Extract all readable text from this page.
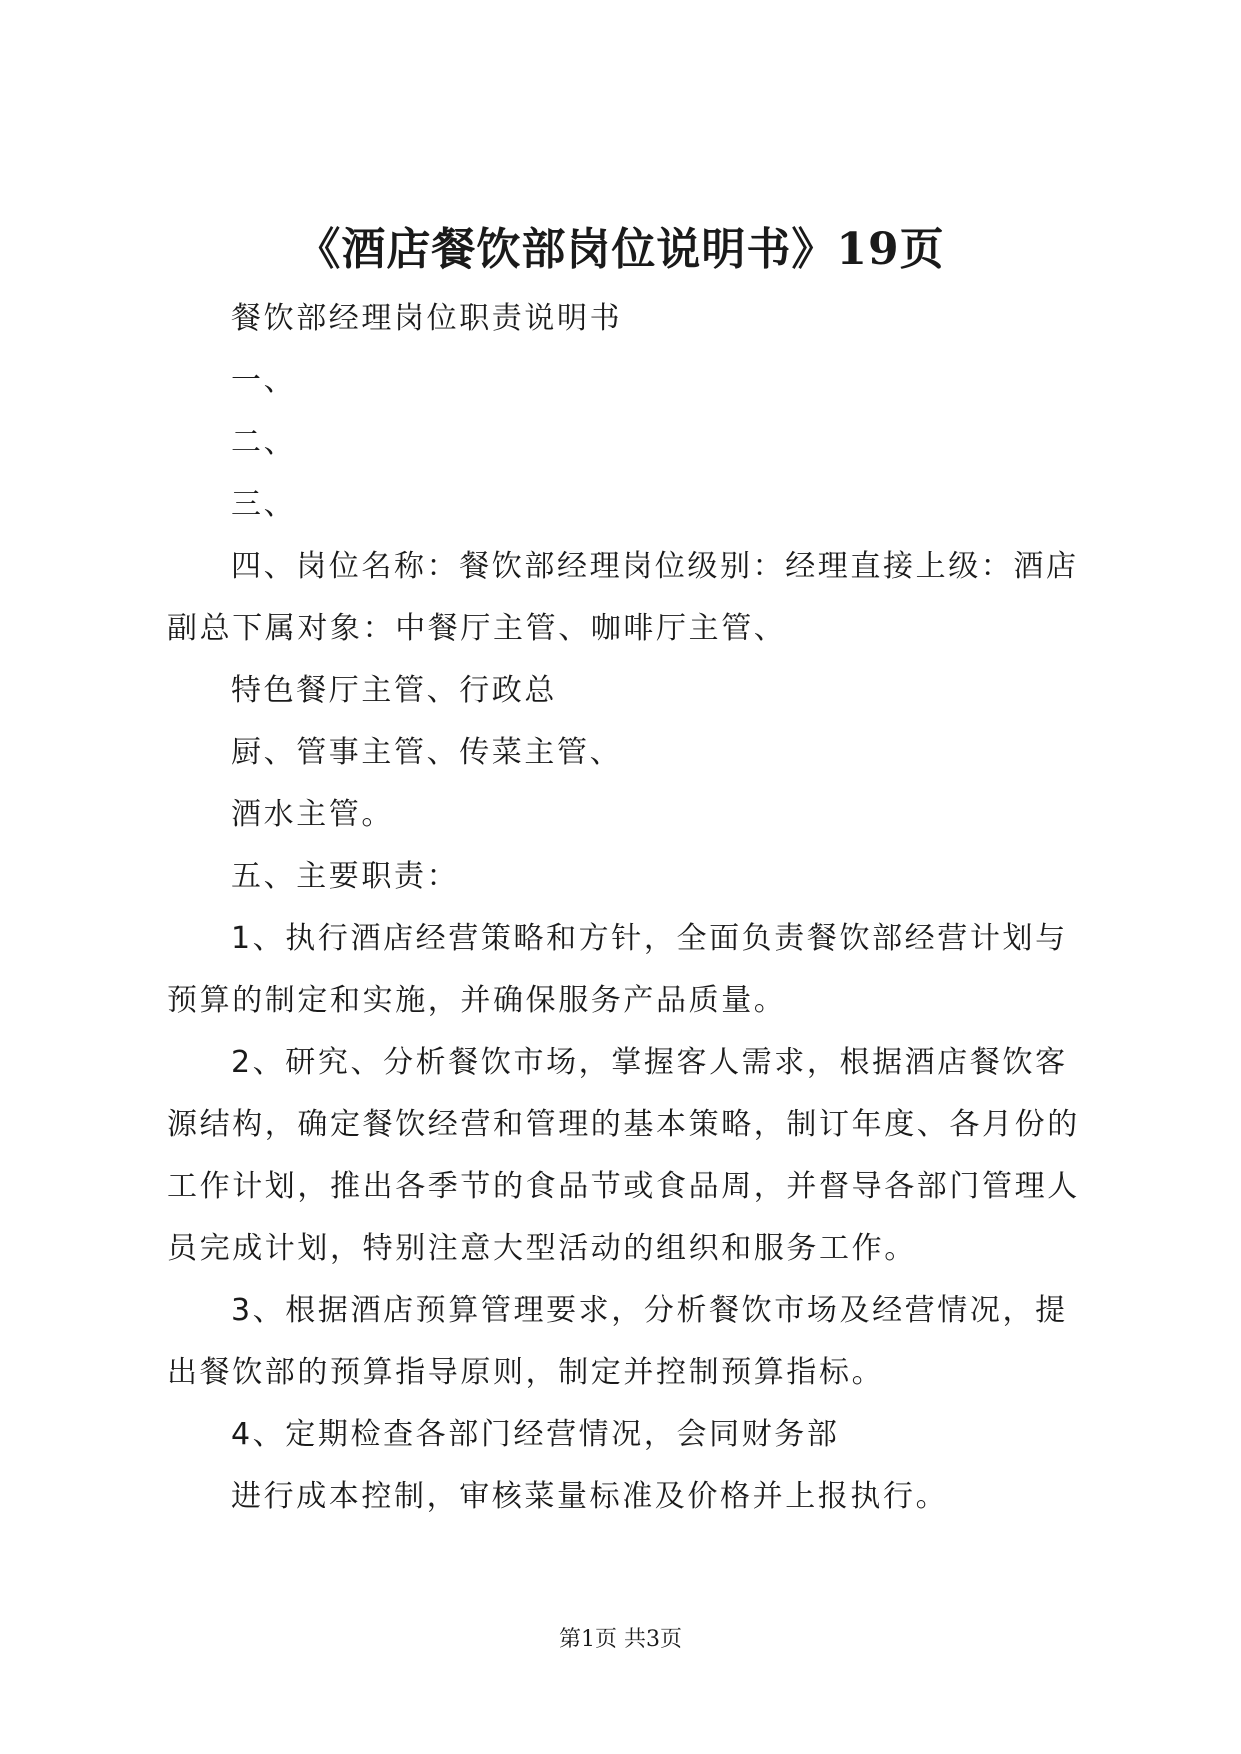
《酒店餐饮部岗位说明书》19页

餐饮部经理岗位职责说明书

一、

二、

三、

四、岗位名称：餐饮部经理岗位级别：经理直接上级：酒店副总下属对象：中餐厅主管、咖啡厅主管、

特色餐厅主管、行政总

厨、管事主管、传菜主管、

酒水主管。

五、主要职责：

1、执行酒店经营策略和方针，全面负责餐饮部经营计划与预算的制定和实施，并确保服务产品质量。

2、研究、分析餐饮市场，掌握客人需求，根据酒店餐饮客源结构，确定餐饮经营和管理的基本策略，制订年度、各月份的工作计划，推出各季节的食品节或食品周，并督导各部门管理人员完成计划，特别注意大型活动的组织和服务工作。

3、根据酒店预算管理要求，分析餐饮市场及经营情况，提出餐饮部的预算指导原则，制定并控制预算指标。

4、定期检查各部门经营情况，会同财务部

进行成本控制，审核菜量标准及价格并上报执行。

第1页 共3页
